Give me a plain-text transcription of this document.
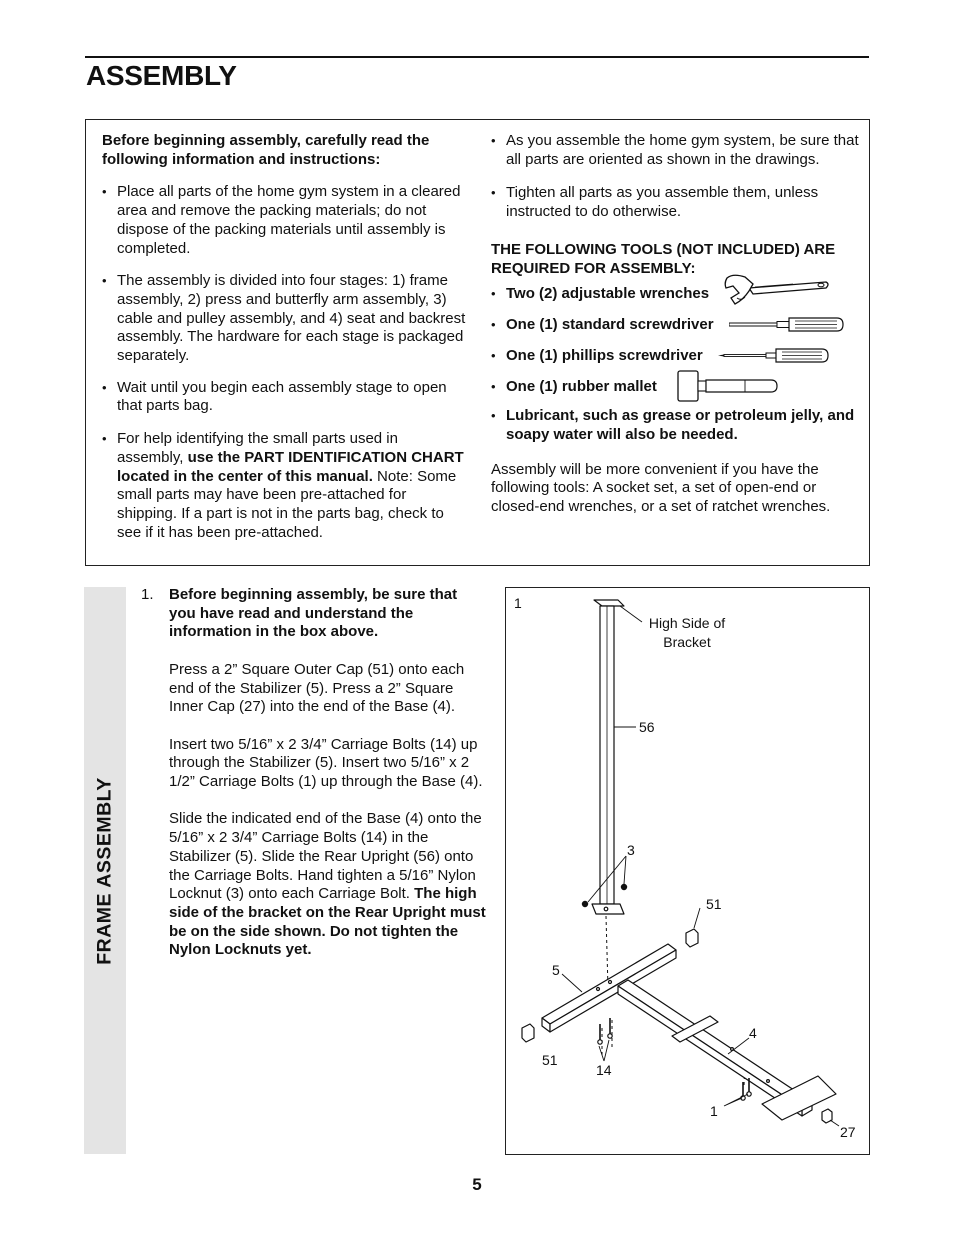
ASSEMBLY

Before beginning assembly, carefully read the following information and instructions:

• Place all parts of the home gym system in a cleared area and remove the packing materials; do not dispose of the packing materials until assembly is completed.
• The assembly is divided into four stages: 1) frame assembly, 2) press and butterfly arm assembly, 3) cable and pulley assembly, and 4) seat and backrest assembly. The hardware for each stage is packaged separately.
• Wait until you begin each assembly stage to open that parts bag.
• For help identifying the small parts used in assembly, use the PART IDENTIFICATION CHART located in the center of this manual. Note: Some small parts may have been pre-attached for shipping. If a part is not in the parts bag, check to see if it has been pre-attached.
• As you assemble the home gym system, be sure that all parts are oriented as shown in the drawings.
• Tighten all parts as you assemble them, unless instructed to do otherwise.

THE FOLLOWING TOOLS (NOT INCLUDED) ARE REQUIRED FOR ASSEMBLY:

• Two (2) adjustable wrenches
• One (1) standard screwdriver
• One (1) phillips screwdriver
• One (1) rubber mallet
• Lubricant, such as grease or petroleum jelly, and soapy water will also be needed.

Assembly will be more convenient if you have the following tools: A socket set, a set of open-end or closed-end wrenches, or a set of ratchet wrenches.

FRAME ASSEMBLY
1. Before beginning assembly, be sure that you have read and understand the information in the box above.

Press a 2” Square Outer Cap (51) onto each end of the Stabilizer (5). Press a 2” Square Inner Cap (27) into the end of the Base (4).

Insert two 5/16” x 2 3/4” Carriage Bolts (14) up through the Stabilizer (5). Insert two 5/16” x 2 1/2” Carriage Bolts (1) up through the Base (4).

Slide the indicated end of the Base (4) onto the 5/16” x 2 3/4” Carriage Bolts (14) in the Stabilizer (5). Slide the Rear Upright (56) onto the Carriage Bolts. Hand tighten a 5/16” Nylon Locknut (3) onto each Carriage Bolt. The high side of the bracket on the Rear Upright must be on the side shown. Do not tighten the Nylon Locknuts yet.

1
High Side of
Bracket
56
3
51
5
4
51
14
1
27
5
